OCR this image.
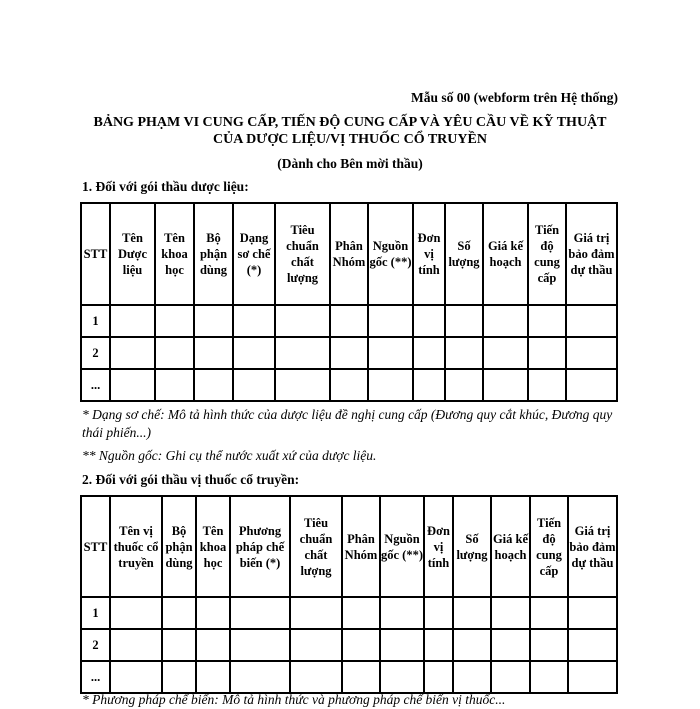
Mẫu số 00 (webform trên Hệ thống)
BẢNG PHẠM VI CUNG CẤP, TIẾN ĐỘ CUNG CẤP VÀ YÊU CẦU VỀ KỸ THUẬT CỦA DƯỢC LIỆU/VỊ THUỐC CỔ TRUYỀN
(Dành cho Bên mời thầu)
1. Đối với gói thầu dược liệu:
STT	Tên Dược liệu	Tên khoa học	Bộ phận dùng	Dạng sơ chế (*)	Tiêu chuẩn chất lượng	Phân Nhóm	Nguồn gốc (**)	Đơn vị tính	Số lượng	Giá kế hoạch	Tiến độ cung cấp	Giá trị bảo đảm dự thầu
1												
2												
...												
* Dạng sơ chế: Mô tả hình thức của dược liệu đề nghị cung cấp (Đương quy cắt khúc, Đương quy thái phiến...)
** Nguồn gốc: Ghi cụ thể nước xuất xứ của dược liệu.
2. Đối với gói thầu vị thuốc cổ truyền:
STT	Tên vị thuốc cổ truyền	Bộ phận dùng	Tên khoa học	Phương pháp chế biến (*)	Tiêu chuẩn chất lượng	Phân Nhóm	Nguồn gốc (**)	Đơn vị tính	Số lượng	Giá kế hoạch	Tiến độ cung cấp	Giá trị bảo đảm dự thầu
1												
2												
...												
* Phương pháp chế biến: Mô tả hình thức và phương pháp chế biến vị thuốc...
